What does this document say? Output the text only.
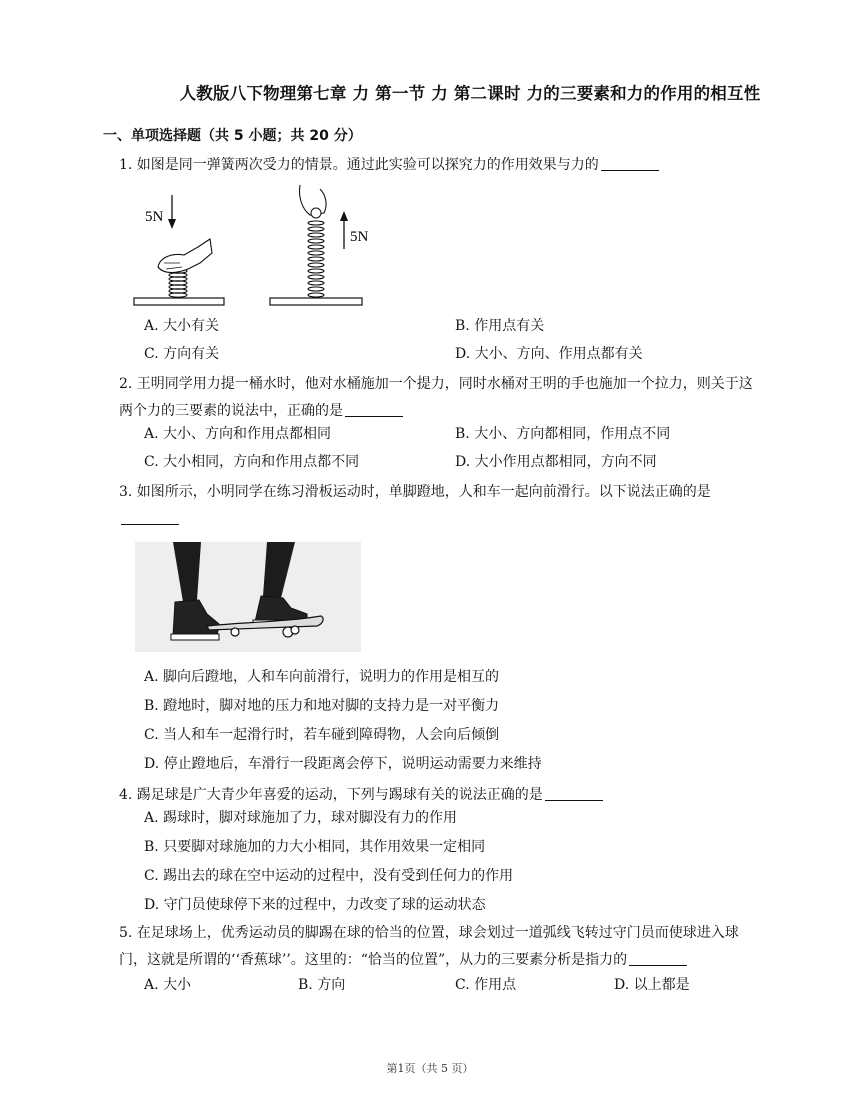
人教版八下物理第七章 力 第一节 力 第二课时 力的三要素和力的作用的相互性
一、单项选择题（共 5 小题；共 20 分）
1. 如图是同一弹簧两次受力的情景。通过此实验可以探究力的作用效果与力的
5N
5N
A. 大小有关	B. 作用点有关
C. 方向有关	D. 大小、方向、作用点都有关
2. 王明同学用力提一桶水时，他对水桶施加一个提力，同时水桶对王明的手也施加一个拉力，则关于这两个力的三要素的说法中，正确的是
A. 大小、方向和作用点都相同	B. 大小、方向都相同，作用点不同
C. 大小相同，方向和作用点都不同	D. 大小作用点都相同，方向不同
3. 如图所示，小明同学在练习滑板运动时，单脚蹬地，人和车一起向前滑行。以下说法正确的是
A. 脚向后蹬地，人和车向前滑行，说明力的作用是相互的
B. 蹬地时，脚对地的压力和地对脚的支持力是一对平衡力
C. 当人和车一起滑行时，若车碰到障碍物，人会向后倾倒
D. 停止蹬地后，车滑行一段距离会停下，说明运动需要力来维持
4. 踢足球是广大青少年喜爱的运动，下列与踢球有关的说法正确的是
A. 踢球时，脚对球施加了力，球对脚没有力的作用
B. 只要脚对球施加的力大小相同，其作用效果一定相同
C. 踢出去的球在空中运动的过程中，没有受到任何力的作用
D. 守门员使球停下来的过程中，力改变了球的运动状态
5. 在足球场上，优秀运动员的脚踢在球的恰当的位置，球会划过一道弧线飞转过守门员而使球进入球门，这就是所谓的‘‘香蕉球’’。这里的：“恰当的位置”，从力的三要素分析是指力的
A. 大小	B. 方向	C. 作用点	D. 以上都是
第1页（共 5 页）
